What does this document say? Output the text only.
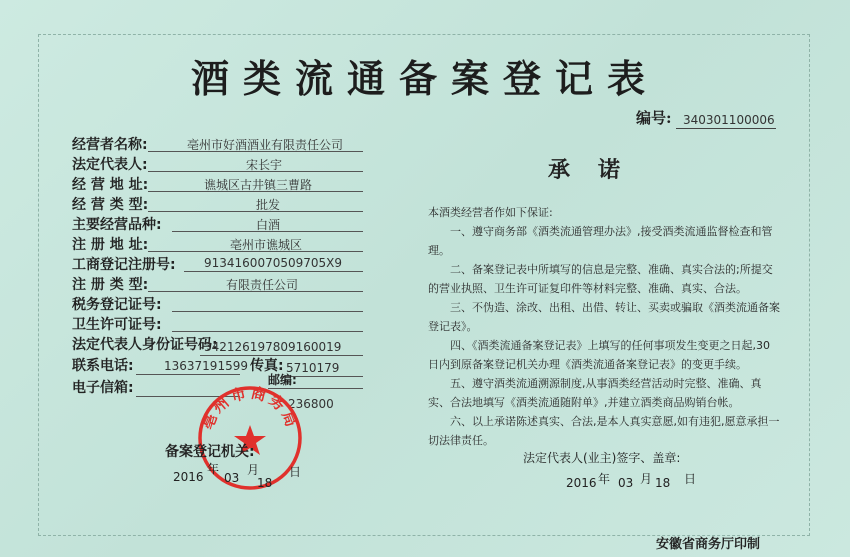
酒类流通备案登记表
编号: 340301100006
经营者名称:	亳州市好酒酒业有限责任公司
法定代表人:	宋长宇
经 营 地 址:	谯城区古井镇三曹路
经 营 类 型:	批发
主要经营品种:	白酒
注 册 地 址:	亳州市谯城区
工商登记注册号: 9134160070509705X9
注 册 类 型:	有限责任公司
税务登记证号:
卫生许可证号:
法定代表人身份证号码:
342126197809160019
联系电话:	13637191599 传真: 5710179
电子信箱:	邮编:
236800
亳州市商务局
备案登记机关:
2016
年
03
月
18
日
承诺

本酒类经营者作如下保证:

一、遵守商务部《酒类流通管理办法》,接受酒类流通监督检查和管理。

二、备案登记表中所填写的信息是完整、准确、真实合法的;所提交的营业执照、卫生许可证复印件等材料完整、准确、真实、合法。

三、不伪造、涂改、出租、出借、转让、买卖或骗取《酒类流通备案登记表》。

四、《酒类流通备案登记表》上填写的任何事项发生变更之日起,30日内到原备案登记机关办理《酒类流通备案登记表》的变更手续。

五、遵守酒类流通溯源制度,从事酒类经营活动时完整、准确、真实、合法地填写《酒类流通随附单》,并建立酒类商品购销台帐。

六、以上承诺陈述真实、合法,是本人真实意愿,如有违犯,愿意承担一切法律责任。

法定代表人(业主)签字、盖章:
2016 年 03 月 18 日
安徽省商务厅印制
